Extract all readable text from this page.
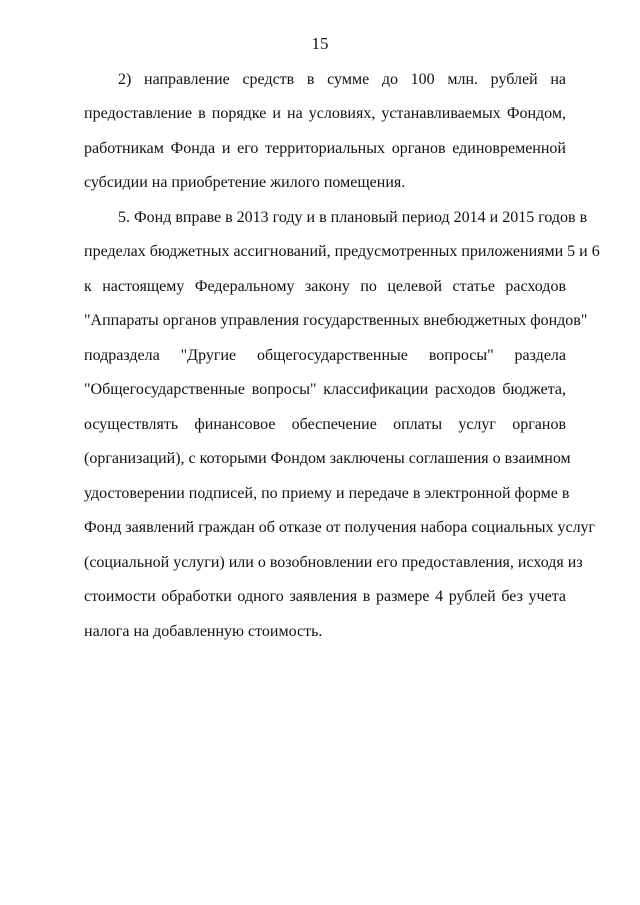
15
2) направление средств в сумме до 100 млн. рублей на
предоставление в порядке и на условиях, устанавливаемых Фондом,
работникам Фонда и его территориальных органов единовременной
субсидии на приобретение жилого помещения.
5. Фонд вправе в 2013 году и в плановый период 2014 и 2015 годов в
пределах бюджетных ассигнований, предусмотренных приложениями 5 и 6
к настоящему Федеральному закону по целевой статье расходов
"Аппараты органов управления государственных внебюджетных фондов"
подраздела "Другие общегосударственные вопросы" раздела
"Общегосударственные вопросы" классификации расходов бюджета,
осуществлять финансовое обеспечение оплаты услуг органов
(организаций), с которыми Фондом заключены соглашения о взаимном
удостоверении подписей, по приему и передаче в электронной форме в
Фонд заявлений граждан об отказе от получения набора социальных услуг
(социальной услуги) или о возобновлении его предоставления, исходя из
стоимости обработки одного заявления в размере 4 рублей без учета
налога на добавленную стоимость.
